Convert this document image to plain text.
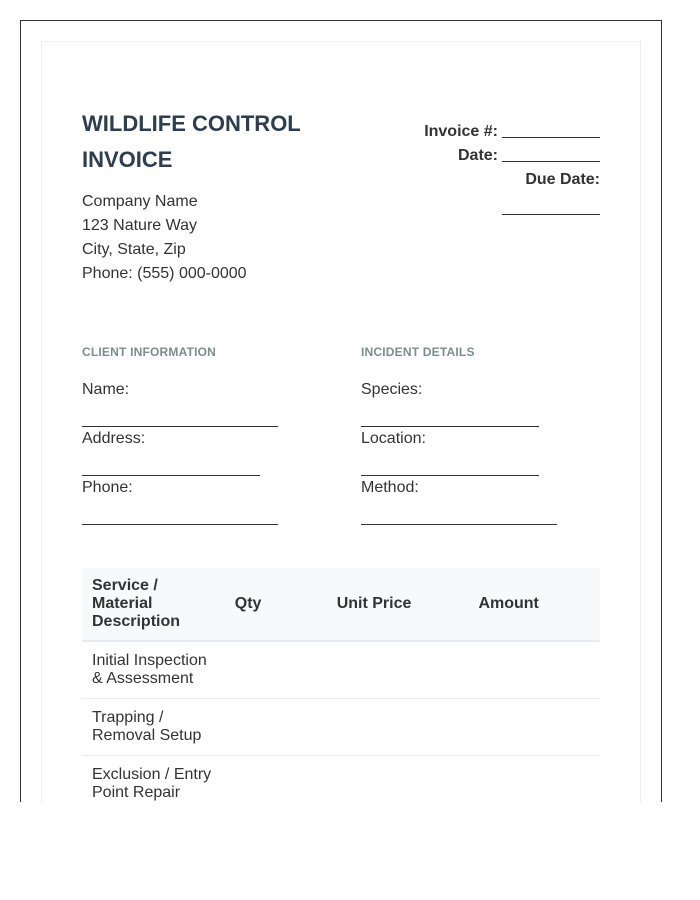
WILDLIFE CONTROL INVOICE
Company Name
123 Nature Way
City, State, Zip
Phone: (555) 000-0000
Invoice #:
Date:
Due Date:
CLIENT INFORMATION
Name:
Address:
Phone:
INCIDENT DETAILS
Species:
Location:
Method:
Service / Material Description	Qty	Unit Price	Amount
Initial Inspection & Assessment			
Trapping / Removal Setup			
Exclusion / Entry Point Repair			
